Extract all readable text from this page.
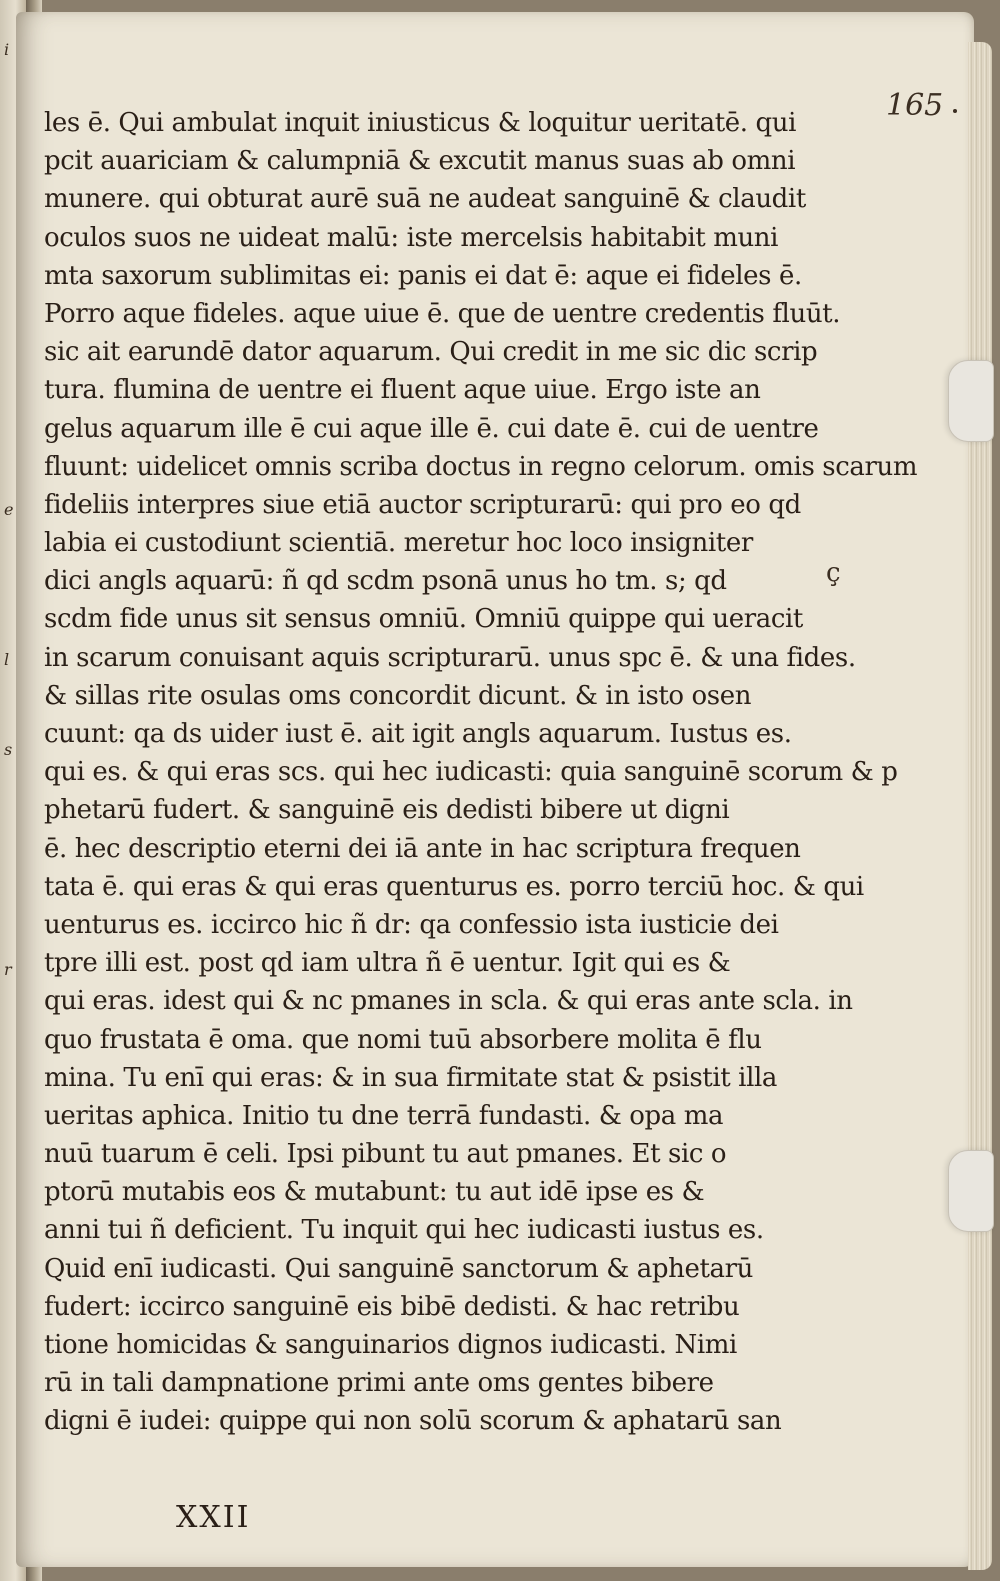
i
e
l
s
r
165
les ē. Qui ambulat inquit iniusticus & loquitur ueritatē. qui
pcit auariciam & calumpniā & excutit manus suas ab omni
munere. qui obturat aurē suā ne audeat sanguinē & claudit
oculos suos ne uideat malū: iste mercelsis habitabit muni
mta saxorum sublimitas ei: panis ei dat ē: aque ei fideles ē.
Porro aque fideles. aque uiue ē. que de uentre credentis fluūt.
sic ait earundē dator aquarum. Qui credit in me sic dic scrip
tura. flumina de uentre ei fluent aque uiue. Ergo iste an
gelus aquarum ille ē cui aque ille ē. cui date ē. cui de uentre
fluunt: uidelicet omnis scriba doctus in regno celorum. omis scarum
fideliis interpres siue etiā auctor scripturarū: qui pro eo qd
labia ei custodiunt scientiā. meretur hoc loco insigniter
dici angls aquarū: ñ qd scdm psonā unus ho tm. s; qd
scdm fide unus sit sensus omniū. Omniū quippe qui ueracit
in scarum conuisant aquis scripturarū. unus spc ē. & una fides.
& sillas rite osulas oms concordit dicunt. & in isto osen
cuunt: qa ds uider iust ē. ait igit angls aquarum. Iustus es.
qui es. & qui eras scs. qui hec iudicasti: quia sanguinē scorum & p
phetarū fudert. & sanguinē eis dedisti bibere ut digni
ē. hec descriptio eterni dei iā ante in hac scriptura frequen
tata ē. qui eras & qui eras quenturus es. porro terciū hoc. & qui
uenturus es. iccirco hic ñ dr: qa confessio ista iusticie dei
tpre illi est. post qd iam ultra ñ ē uentur. Igit qui es &
qui eras. idest qui & nc pmanes in scla. & qui eras ante scla. in
quo frustata ē oma. que nomi tuū absorbere molita ē flu
mina. Tu enī qui eras: & in sua firmitate stat & psistit illa
ueritas aphica. Initio tu dne terrā fundasti. & opa ma
nuū tuarum ē celi. Ipsi pibunt tu aut pmanes. Et sic o
ptorū mutabis eos & mutabunt: tu aut idē ipse es &
anni tui ñ deficient. Tu inquit qui hec iudicasti iustus es.
Quid enī iudicasti. Qui sanguinē sanctorum & aphetarū
fudert: iccirco sanguinē eis bibē dedisti. & hac retribu
tione homicidas & sanguinarios dignos iudicasti. Nimi
rū in tali dampnatione primi ante oms gentes bibere
digni ē iudei: quippe qui non solū scorum & aphatarū san
ç
XXII
